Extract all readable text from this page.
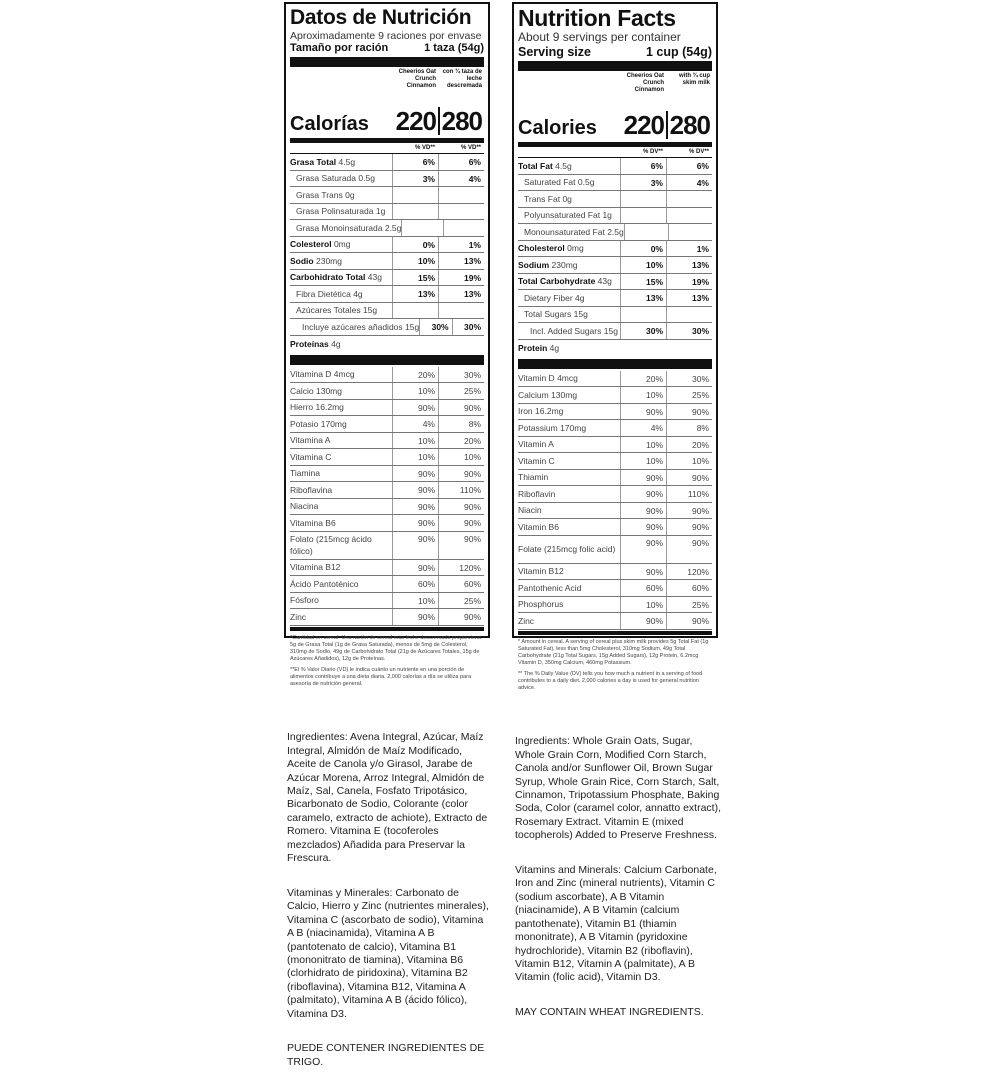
Datos de Nutrición
Aproximadamente 9 raciones por envase
Tamaño por ración	1 taza (54g)
Cheerios Oat Crunch Cinnamon
con ¾ taza de leche descremada
Calorías	220 280
% VD**	% VD**
Grasa Total 4.5g	6%	6%
Grasa Saturada 0.5g	3%	4%
Grasa Trans 0g
Grasa Polinsaturada 1g
Grasa Monoinsaturada 2.5g
Colesterol 0mg	0%	1%
Sodio 230mg	10%	13%
Carbohidrato Total 43g	15%	19%
Fibra Dietética 4g	13%	13%
Azúcares Totales 15g
Incluye azúcares añadidos 15g	30%	30%
Proteínas
4g
Vitamina D 4mcg	20%	30%
Calcio 130mg	10%	25%
Hierro 16.2mg	90%	90%
Potasio 170mg	4%	8%
Vitamina A	10%	20%
Vitamina C	10%	10%
Tiamina	90%	90%
Riboflavina	90%	110%
Niacina	90%	90%
Vitamina B6	90%	90%
Folato (215mcg ácido fólico)
90%	90%
Vitamina B12	90%	120%
Ácido Pantoténico	60%	60%
Fósforo	10%	25%
Zinc	90%	90%
*Cantidad en cereal. Una ración de cereal más leche descremada proporciona 5g de Grasa Total (1g de Grasa Saturada), menos de 5mg de Colesterol, 310mg de Sodio, 49g de Carbohidrato Total (21g de Azúcares Totales, 15g de Azúcares Añadidos), 12g de Proteínas.
**El % Valor Diario (VD) le indica cuánto un nutriente en una porción de alimentos contribuye a una dieta diaria. 2,000 calorías a día se utiliza para asesoría de nutrición general.
Nutrition Facts
About 9 servings per container
Serving size	1 cup (54g)
Cheerios Oat Crunch Cinnamon
with ¾ cup skim milk
Calories	220 280
% DV**	% DV**
Total Fat 4.5g	6%	6%
Saturated Fat 0.5g	3%	4%
Trans Fat 0g
Polyunsaturated Fat 1g
Monounsaturated Fat 2.5g
Cholesterol 0mg	0%	1%
Sodium 230mg	10%	13%
Total Carbohydrate 43g	15%	19%
Dietary Fiber 4g	13%	13%
Total Sugars 15g
Incl. Added Sugars 15g	30%	30%
Protein
4g
Vitamin D 4mcg	20%	30%
Calcium 130mg	10%	25%
Iron 16.2mg	90%	90%
Potassium 170mg	4%	8%
Vitamin A	10%	20%
Vitamin C	10%	10%
Thiamin	90%	90%
Riboflavin	90%	110%
Niacin	90%	90%
Vitamin B6	90%	90%
Folate (215mcg folic acid)
90%	90%
Vitamin B12	90%	120%
Pantothenic Acid	60%	60%
Phosphorus	10%	25%
Zinc	90%	90%
* Amount in cereal. A serving of cereal plus skim milk provides 5g Total Fat (1g Saturated Fat), less than 5mg Cholesterol, 310mg Sodium, 49g Total Carbohydrate (21g Total Sugars, 15g Added Sugars), 12g Protein, 6.2mcg Vitamin D, 350mg Calcium, 460mg Potassium.
** The % Daily Value (DV) tells you how much a nutrient in a serving of food contributes to a daily diet. 2,000 calories a day is used for general nutrition advice.

Ingredientes: Avena Integral, Azúcar, Maíz Integral, Almidón de Maíz Modificado, Aceite de Canola y/o Girasol, Jarabe de Azúcar Morena, Arroz Integral, Almidón de Maíz, Sal, Canela, Fosfato Tripotásico, Bicarbonato de Sodio, Colorante (color caramelo, extracto de achiote), Extracto de Romero. Vitamina E (tocoferoles mezclados) Añadida para Preservar la Frescura.

Vitaminas y Minerales: Carbonato de Calcio, Hierro y Zinc (nutrientes minerales), Vitamina C (ascorbato de sodio), Vitamina A B (niacinamida), Vitamina A B (pantotenato de calcio), Vitamina B1 (mononitrato de tiamina), Vitamina B6 (clorhidrato de piridoxina), Vitamina B2 (riboflavina), Vitamina B12, Vitamina A (palmitato), Vitamina A B (ácido fólico), Vitamina D3.

PUEDE CONTENER INGREDIENTES DE TRIGO.

Ingredients: Whole Grain Oats, Sugar, Whole Grain Corn, Modified Corn Starch, Canola and/or Sunflower Oil, Brown Sugar Syrup, Whole Grain Rice, Corn Starch, Salt, Cinnamon, Tripotassium Phosphate, Baking Soda, Color (caramel color, annatto extract), Rosemary Extract. Vitamin E (mixed tocopherols) Added to Preserve Freshness.

Vitamins and Minerals: Calcium Carbonate, Iron and Zinc (mineral nutrients), Vitamin C (sodium ascorbate), A B Vitamin (niacinamide), A B Vitamin (calcium pantothenate), Vitamin B1 (thiamin mononitrate), A B Vitamin (pyridoxine hydrochloride), Vitamin B2 (riboflavin), Vitamin B12, Vitamin A (palmitate), A B Vitamin (folic acid), Vitamin D3.

MAY CONTAIN WHEAT INGREDIENTS.
